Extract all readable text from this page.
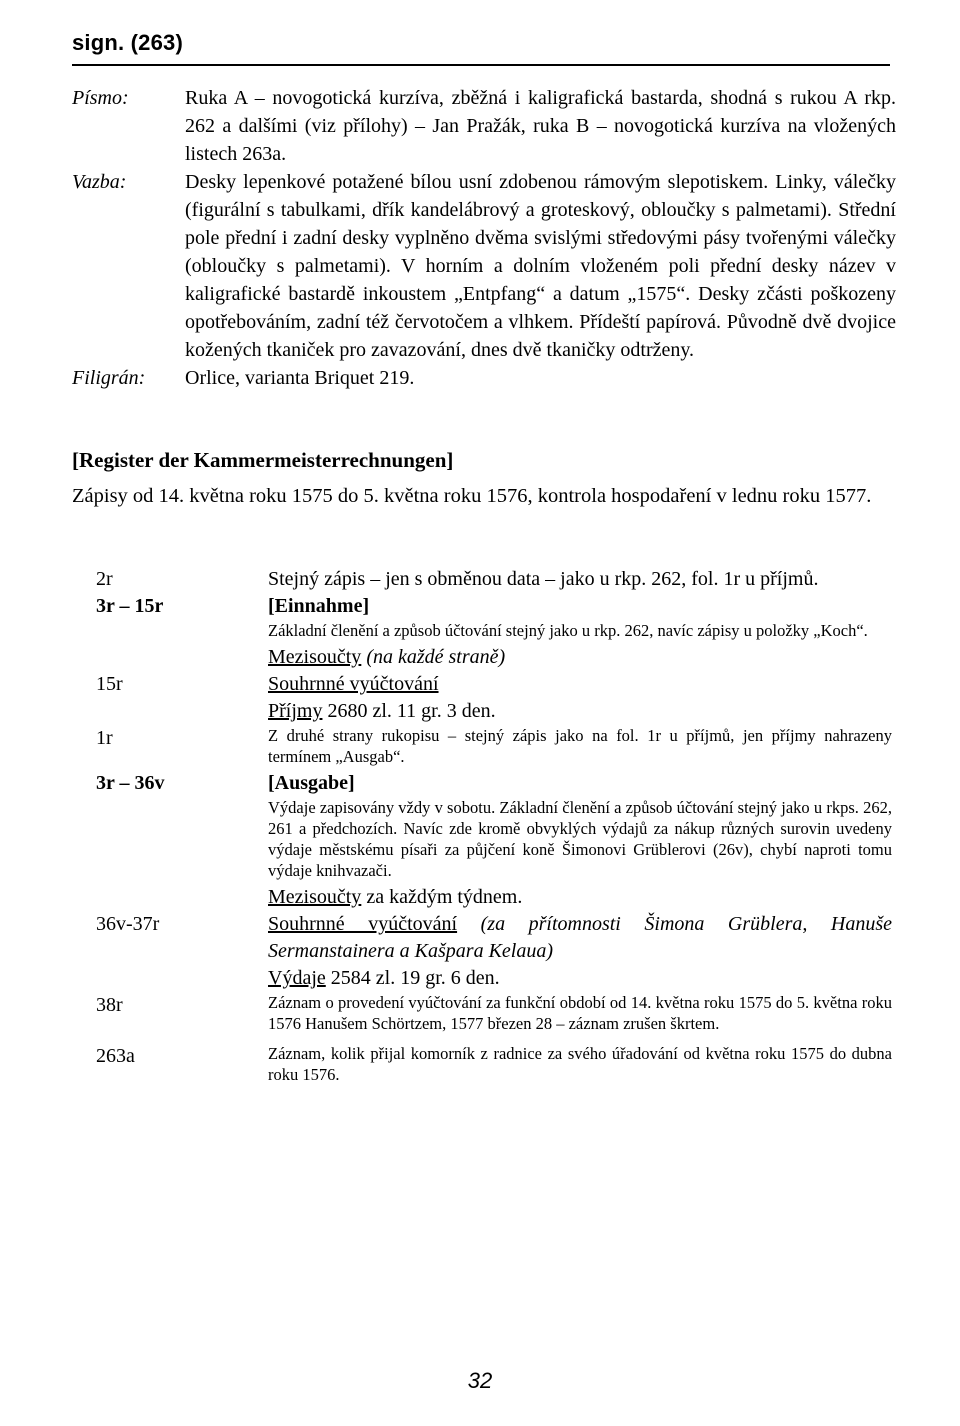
sign. (263)
Písmo:	Ruka A – novogotická kurzíva, zběžná i kaligrafická bastarda, shodná s rukou A rkp. 262 a dalšími (viz přílohy) – Jan Pražák, ruka B – novogotická kurzíva na vložených listech 263a.
Vazba:	Desky lepenkové potažené bílou usní zdobenou rámovým slepotiskem. Linky, válečky (figurální s tabulkami, dřík kandelábrový a groteskový, obloučky s palmetami). Střední pole přední i zadní desky vyplněno dvěma svislými středovými pásy tvořenými válečky (obloučky s palmetami). V horním a dolním vloženém poli přední desky název v kaligrafické bastardě inkoustem „Entpfang“ a datum „1575“. Desky zčásti poškozeny opotřebováním, zadní též červotočem a vlhkem. Přídeští papírová. Původně dvě dvojice kožených tkaniček pro zavazování, dnes dvě tkaničky odtrženy.
Filigrán:	Orlice, varianta Briquet 219.
[Register der Kammermeisterrechnungen]
Zápisy od 14. května roku 1575 do 5. května roku 1576, kontrola hospodaření v lednu roku 1577.
2r	Stejný zápis – jen s obměnou data – jako u rkp. 262, fol. 1r u příjmů.
3r – 15r	[Einnahme]
Základní členění a způsob účtování stejný jako u rkp. 262, navíc zápisy u položky „Koch“.
Mezisoučty (na každé straně)
15r	Souhrnné vyúčtování
Příjmy 2680 zl. 11 gr. 3 den.
1r	Z druhé strany rukopisu – stejný zápis jako na fol. 1r u příjmů, jen příjmy nahrazeny termínem „Ausgab“.
3r – 36v	[Ausgabe]
Výdaje zapisovány vždy v sobotu. Základní členění a způsob účtování stejný jako u rkps. 262, 261 a předchozích. Navíc zde kromě obvyklých výdajů za nákup různých surovin uvedeny výdaje městskému písaři za půjčení koně Šimonovi Grüblerovi (26v), chybí naproti tomu výdaje knihvazači.
Mezisoučty za každým týdnem.
36v-37r	Souhrnné vyúčtování (za přítomnosti Šimona Grüblera, Hanuše Sermanstainera a Kašpara Kelaua)
Výdaje 2584 zl. 19 gr. 6 den.
38r	Záznam o provedení vyúčtování za funkční období od 14. května roku 1575 do 5. května roku 1576 Hanušem Schörtzem, 1577 březen 28 – záznam zrušen škrtem.
263a	Záznam, kolik přijal komorník z radnice za svého úřadování od května roku 1575 do dubna roku 1576.
32
